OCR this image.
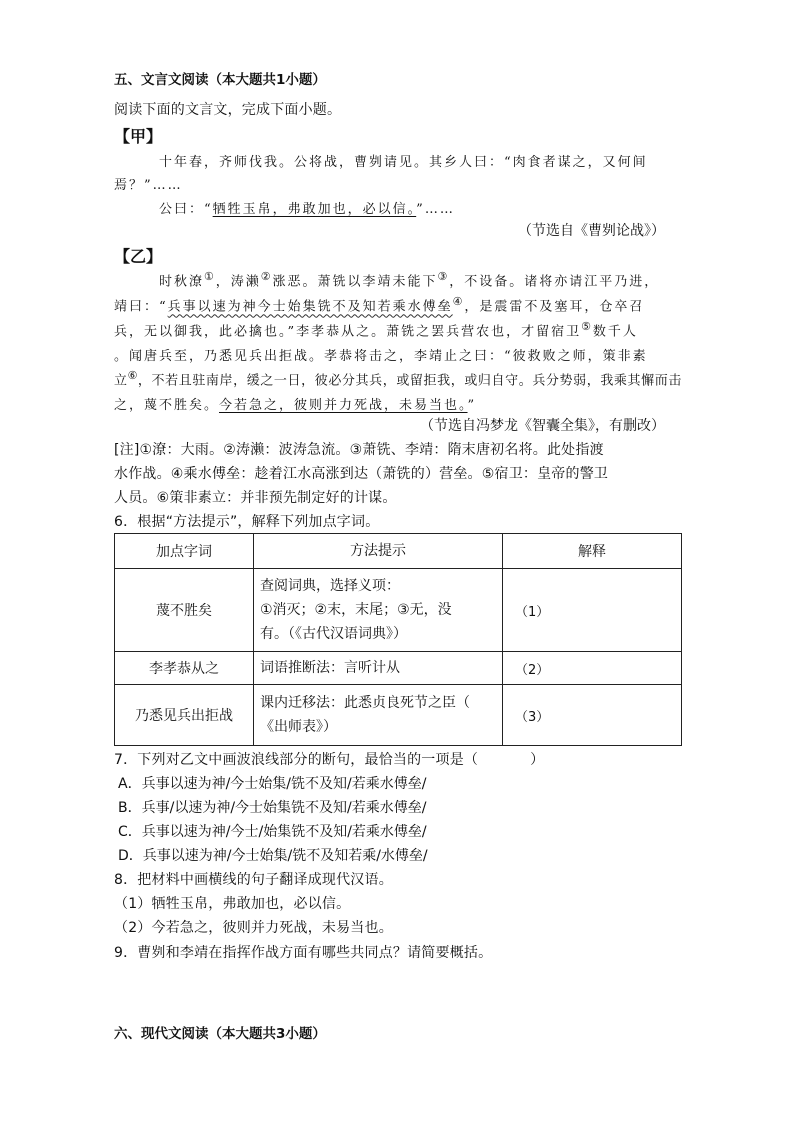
五、文言文阅读（本大题共1小题）
阅读下面的文言文，完成下面小题。
【甲】
十年春，齐师伐我。公将战，曹刿请见。其乡人曰：“肉食者谋之，又何间
焉？”……
公曰：“牺牲玉帛，弗敢加也，必以信。”……
（节选自《曹刿论战》）
【乙】
时秋潦①，涛濑②涨恶。萧铣以李靖未能下③，不设备。诸将亦请江平乃进，
靖曰：“兵事以速为神今士始集铣不及知若乘水傅垒④，是震雷不及塞耳，仓卒召
兵，无以御我，此必擒也。”李孝恭从之。萧铣之罢兵营农也，才留宿卫⑤数千人
。闻唐兵至，乃悉见兵出拒战。孝恭将击之，李靖止之曰：“彼救败之师，策非素
立⑥，不若且驻南岸，缓之一日，彼必分其兵，或留拒我，或归自守。兵分势弱，我乘其懈而击
之，蔑不胜矣。今若急之，彼则并力死战，未易当也。”
（节选自冯梦龙《智囊全集》，有删改）
[注]①潦：大雨。②涛濑：波涛急流。③萧铣、李靖：隋末唐初名将。此处指渡
水作战。④乘水傅垒：趁着江水高涨到达（萧铣的）营垒。⑤宿卫：皇帝的警卫
人员。⑥策非素立：并非预先制定好的计谋。
6．根据“方法提示”，解释下列加点字词。
加点字词	方法提示	解释
蔑不胜矣	查阅词典，选择义项：
①消灭；②末，末尾；③无，没
有。（《古代汉语词典》）	（1）
李孝恭从之	词语推断法：言听计从	（2）
乃悉见兵出拒战	课内迁移法：此悉贞良死节之臣（
《出师表》）	（3）
7．下列对乙文中画波浪线部分的断句，最恰当的一项是（	）
A．兵事以速为神/今士始集/铣不及知/若乘水傅垒/
B．兵事/以速为神/今士始集铣不及知/若乘水傅垒/
C．兵事以速为神/今士/始集铣不及知/若乘水傅垒/
D．兵事以速为神/今士始集/铣不及知若乘/水傅垒/
8．把材料中画横线的句子翻译成现代汉语。
（1）牺牲玉帛，弗敢加也，必以信。
（2）今若急之，彼则并力死战，未易当也。
9．曹刿和李靖在指挥作战方面有哪些共同点？请简要概括。
六、现代文阅读（本大题共3小题）
